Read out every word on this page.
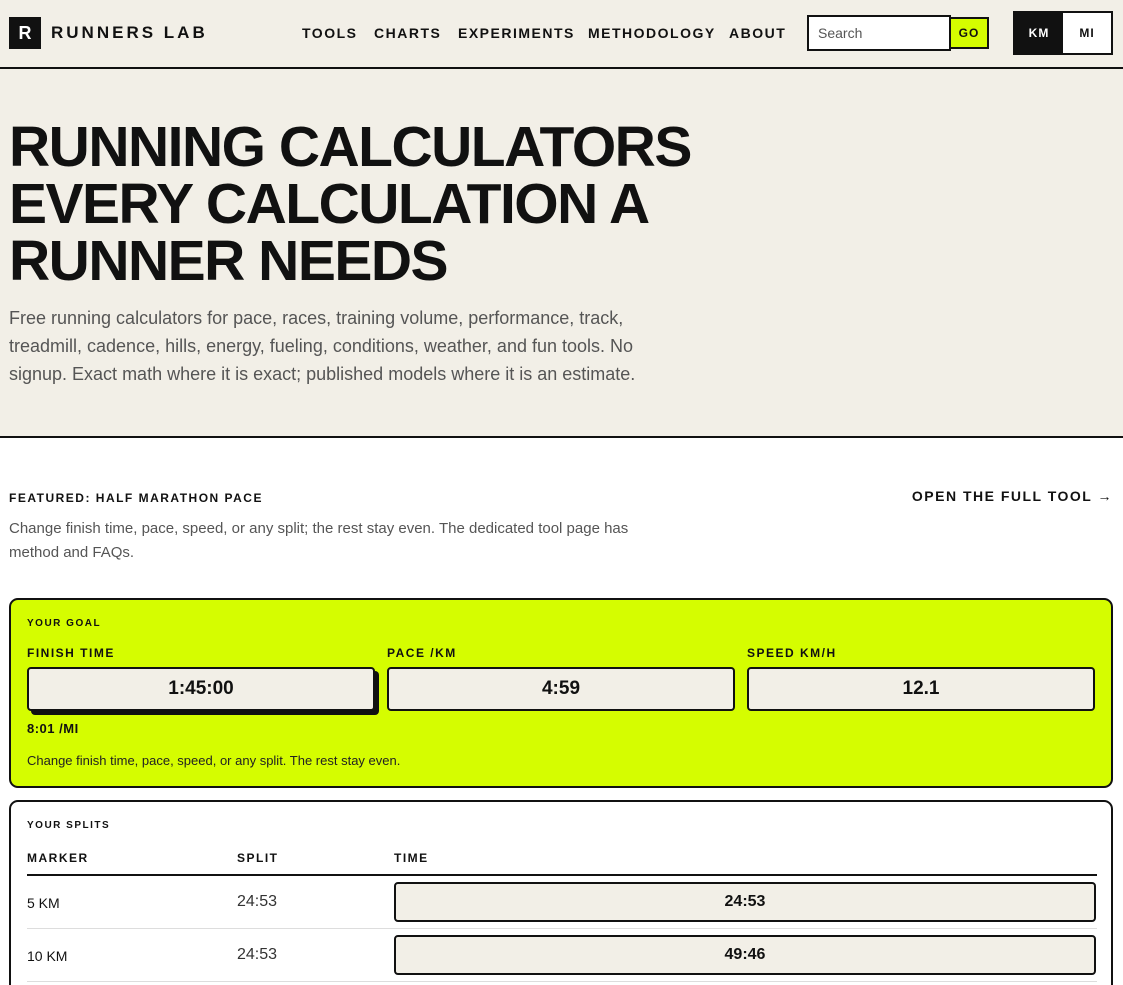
R	RUNNERS LAB	TOOLS CHARTS EXPERIMENTS METHODOLOGY ABOUT
Search	GO	KM	MI
RUNNING CALCULATORS
EVERY CALCULATION A
RUNNER NEEDS

Free running calculators for pace, races, training volume, performance, track, treadmill, cadence, hills, energy, fueling, conditions, weather, and fun tools. No signup. Exact math where it is exact; published models where it is an estimate.

FEATURED: HALF MARATHON PACE	OPEN THE FULL TOOL →
Change finish time, pace, speed, or any split; the rest stay even. The dedicated tool page has method and FAQs.
YOUR GOAL
FINISH TIME
1:45:00
PACE /KM
4:59
SPEED KM/H
12.1
8:01 /MI
Change finish time, pace, speed, or any split. The rest stay even.
YOUR SPLITS
MARKER	SPLIT	TIME
5 KM	24:53	24:53
10 KM	24:53	49:46
